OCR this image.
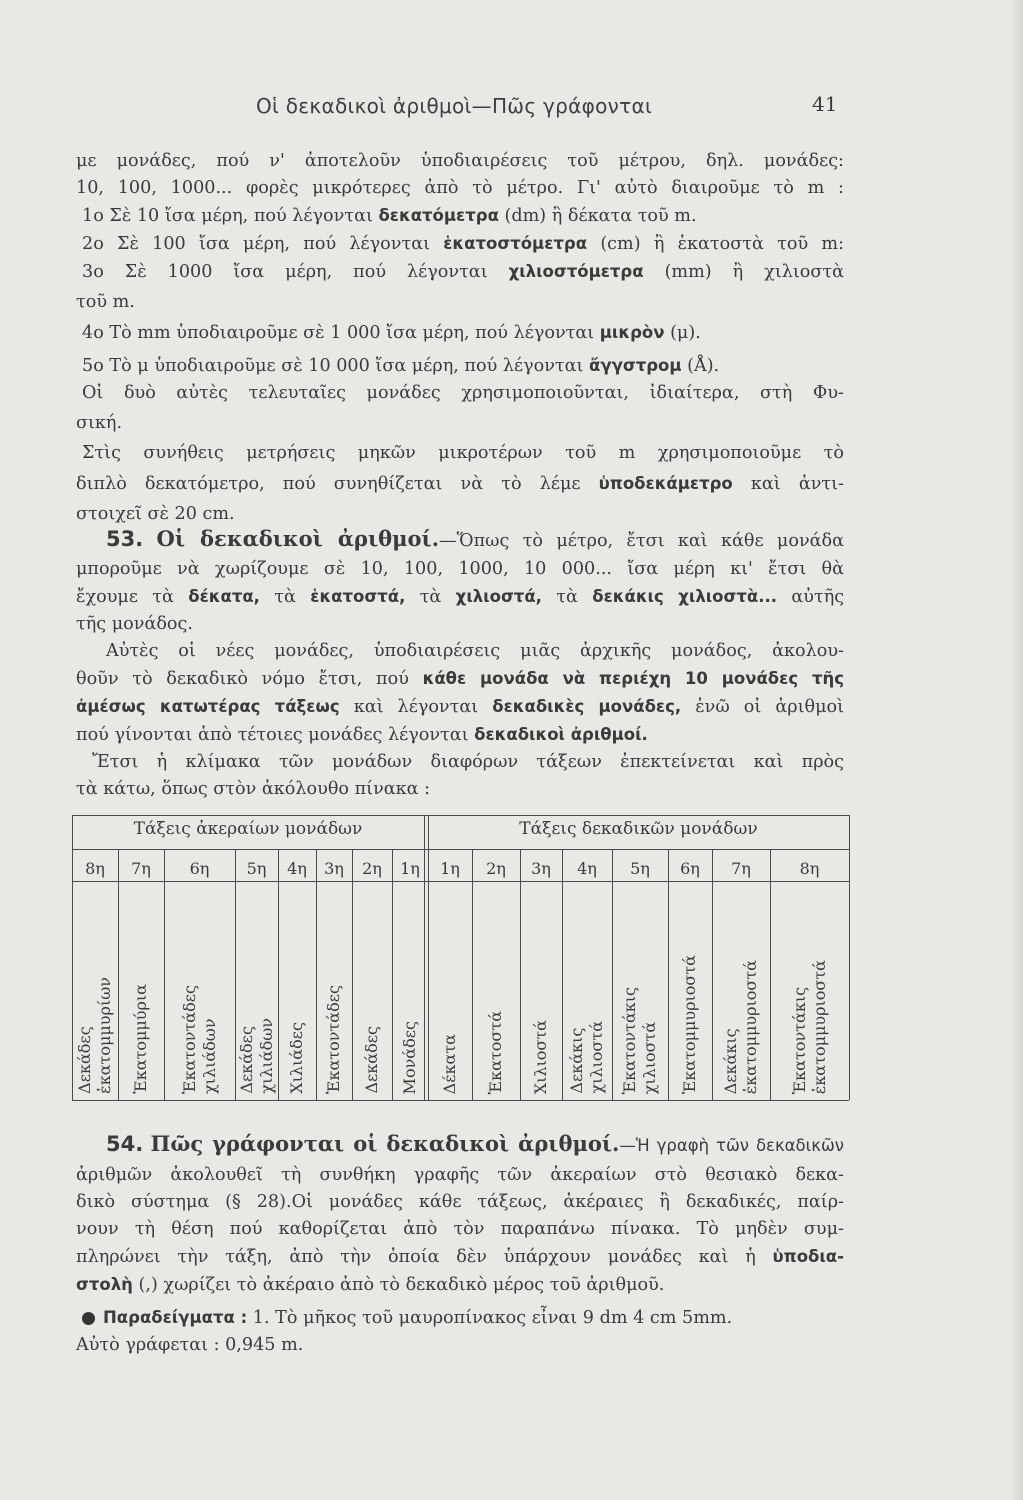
Οἱ δεκαδικοὶ ἀριθμοὶ—Πῶς γράφονται	41

με μονάδες, πού ν' ἀποτελοῦν ὑποδιαιρέσεις τοῦ μέτρου, δηλ. μονάδες:

10, 100, 1000... φορὲς μικρότερες ἀπὸ τὸ μέτρο. Γι' αὐτὸ διαιροῦμε τὸ m :

1ο Σὲ 10 ἴσα μέρη, πού λέγονται δεκατόμετρα (dm) ἢ δέκατα τοῦ m.

2ο Σὲ 100 ἴσα μέρη, πού λέγονται ἑκατοστόμετρα (cm) ἢ ἑκατοστὰ τοῦ m:

3ο Σὲ 1000 ἴσα μέρη, πού λέγονται χιλιοστόμετρα (mm) ἢ χιλιοστὰ

τοῦ m.

4ο Τὸ mm ὑποδιαιροῦμε σὲ 1 000 ἴσα μέρη, πού λέγονται μικρὸν (μ).

5ο Τὸ μ ὑποδιαιροῦμε σὲ 10 000 ἴσα μέρη, πού λέγονται ἄγγστρομ (Å).

Οἱ δυὸ αὐτὲς τελευταῖες μονάδες χρησιμοποιοῦνται, ἰδιαίτερα, στὴ Φυ-

σική.

Στὶς συνήθεις μετρήσεις μηκῶν μικροτέρων τοῦ m χρησιμοποιοῦμε τὸ

διπλὸ δεκατόμετρο, πού συνηθίζεται νὰ τὸ λέμε ὑποδεκάμετρο καὶ ἀντι-

στοιχεῖ σὲ 20 cm.

53. Οἱ δεκαδικοὶ ἀριθμοί.—Ὅπως τὸ μέτρο, ἔτσι καὶ κάθε μονάδα

μποροῦμε νὰ χωρίζουμε σὲ 10, 100, 1000, 10 000... ἴσα μέρη κι' ἔτσι θὰ

ἔχουμε τὰ δέκατα, τὰ ἑκατοστά, τὰ χιλιοστά, τὰ δεκάκις χιλιοστὰ... αὐτῆς

τῆς μονάδος.

Αὐτὲς οἱ νέες μονάδες, ὑποδιαιρέσεις μιᾶς ἀρχικῆς μονάδος, ἀκολου-

θοῦν τὸ δεκαδικὸ νόμο ἔτσι, πού κάθε μονάδα νὰ περιέχη 10 μονάδες τῆς

ἀμέσως κατωτέρας τάξεως καὶ λέγονται δεκαδικὲς μονάδες, ἐνῶ οἱ ἀριθμοὶ

πού γίνονται ἀπὸ τέτοιες μονάδες λέγονται δεκαδικοὶ ἀριθμοί.

Ἔτσι ἡ κλίμακα τῶν μονάδων διαφόρων τάξεων ἐπεκτείνεται καὶ πρὸς

τὰ κάτω, ὅπως στὸν ἀκόλουθο πίνακα :

Τάξεις ἀκεραίων μονάδων	Τάξεις δεκαδικῶν μονάδων
8η
Δεκάδες
ἑκατομμυρίων
7η
Ἑκατομμύρια
6η
Ἑκατοντάδες
χιλιάδων
5η
Δεκάδες
χιλιάδων
4η
Χιλιάδες
3η
Ἑκατοντάδες
2η
Δεκάδες
1η
Μονάδες
1η
Δέκατα
2η
Ἑκατοστά
3η
Χιλιοστά
4η
Δεκάκις
χιλιοστά
5η
Ἑκατοντάκις
χιλιοστά
6η
Ἑκατομμυριοστά
7η
Δεκάκις
ἑκατομμυριοστά
8η
Ἑκατοντάκις
ἑκατομμυριοστά

54. Πῶς γράφονται οἱ δεκαδικοὶ ἀριθμοί.—Ἡ γραφὴ τῶν δεκαδικῶν

ἀριθμῶν ἀκολουθεῖ τὴ συνθήκη γραφῆς τῶν ἀκεραίων στὸ θεσιακὸ δεκα-

δικὸ σύστημα (§ 28).Οἱ μονάδες κάθε τάξεως, ἀκέραιες ἢ δεκαδικές, παίρ-

νουν τὴ θέση πού καθορίζεται ἀπὸ τὸν παραπάνω πίνακα. Τὸ μηδὲν συμ-

πληρώνει τὴν τάξη, ἀπὸ τὴν ὁποία δὲν ὑπάρχουν μονάδες καὶ ἡ ὑποδια-

στολὴ (,) χωρίζει τὸ ἀκέραιο ἀπὸ τὸ δεκαδικὸ μέρος τοῦ ἀριθμοῦ.

Παραδείγματα : 1. Τὸ μῆκος τοῦ μαυροπίνακος εἶναι 9 dm 4 cm 5mm.

Αὐτὸ γράφεται : 0,945 m.
